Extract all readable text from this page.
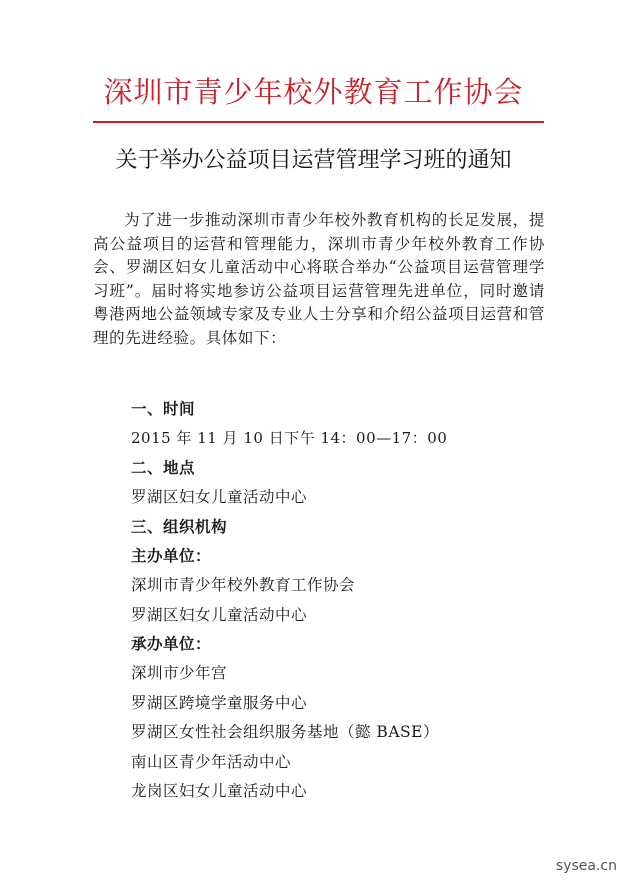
深圳市青少年校外教育工作协会
关于举办公益项目运营管理学习班的通知

为了进一步推动深圳市青少年校外教育机构的长足发展，提高公益项目的运营和管理能力，深圳市青少年校外教育工作协会、罗湖区妇女儿童活动中心将联合举办“公益项目运营管理学习班”。届时将实地参访公益项目运营管理先进单位，同时邀请粤港两地公益领域专家及专业人士分享和介绍公益项目运营和管理的先进经验。具体如下：

一、时间
2015 年 11 月 10 日下午 14：00—17：00
二、地点
罗湖区妇女儿童活动中心
三、组织机构
主办单位：
深圳市青少年校外教育工作协会
罗湖区妇女儿童活动中心
承办单位：
深圳市少年宫
罗湖区跨境学童服务中心
罗湖区女性社会组织服务基地（懿 BASE）
南山区青少年活动中心
龙岗区妇女儿童活动中心
sysea.cn
